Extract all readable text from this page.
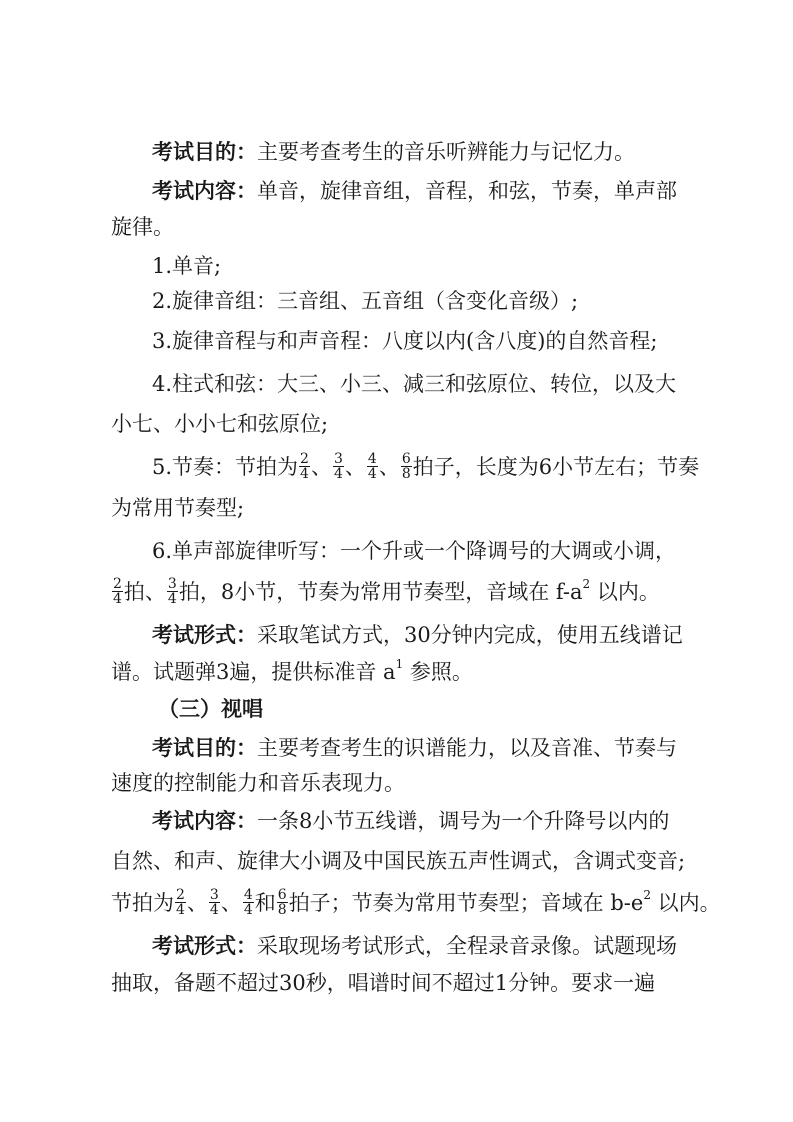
考试目的：主要考查考生的音乐听辨能力与记忆力。
考试内容：单音，旋律音组，音程，和弦，节奏，单声部
旋律。
1.单音;
2.旋律音组：三音组、五音组（含变化音级）;
3.旋律音程与和声音程：八度以内(含八度)的自然音程;
4.柱式和弦：大三、小三、减三和弦原位、转位，以及大
小七、小小七和弦原位;
5.节奏：节拍为 $\frac{2}{4}$ 、 $\frac{3}{4}$ 、 $\frac{4}{4}$ 、 $\frac{6}{8}$ 拍子，长度为6小节左右；节奏
为常用节奏型;
6.单声部旋律听写：一个升或一个降调号的大调或小调，
$\frac{2}{4}$ 拍、 $\frac{3}{4}$ 拍，8小节，节奏为常用节奏型，音域在 $f-a^2$ 以内。
考试形式：采取笔试方式，30分钟内完成，使用五线谱记
谱。试题弹3遍，提供标准音 $a^1$ 参照。
（三）视唱
考试目的：主要考查考生的识谱能力，以及音准、节奏与
速度的控制能力和音乐表现力。
考试内容：一条8小节五线谱，调号为一个升降号以内的
自然、和声、旋律大小调及中国民族五声性调式，含调式变音;
节拍为 $\frac{2}{4}$ 、 $\frac{3}{4}$ 、 $\frac{4}{4}$ 和 $\frac{6}{8}$ 拍子；节奏为常用节奏型；音域在 $b-e^2$ 以内。
考试形式：采取现场考试形式，全程录音录像。试题现场
抽取，备题不超过30秒，唱谱时间不超过1分钟。要求一遍
